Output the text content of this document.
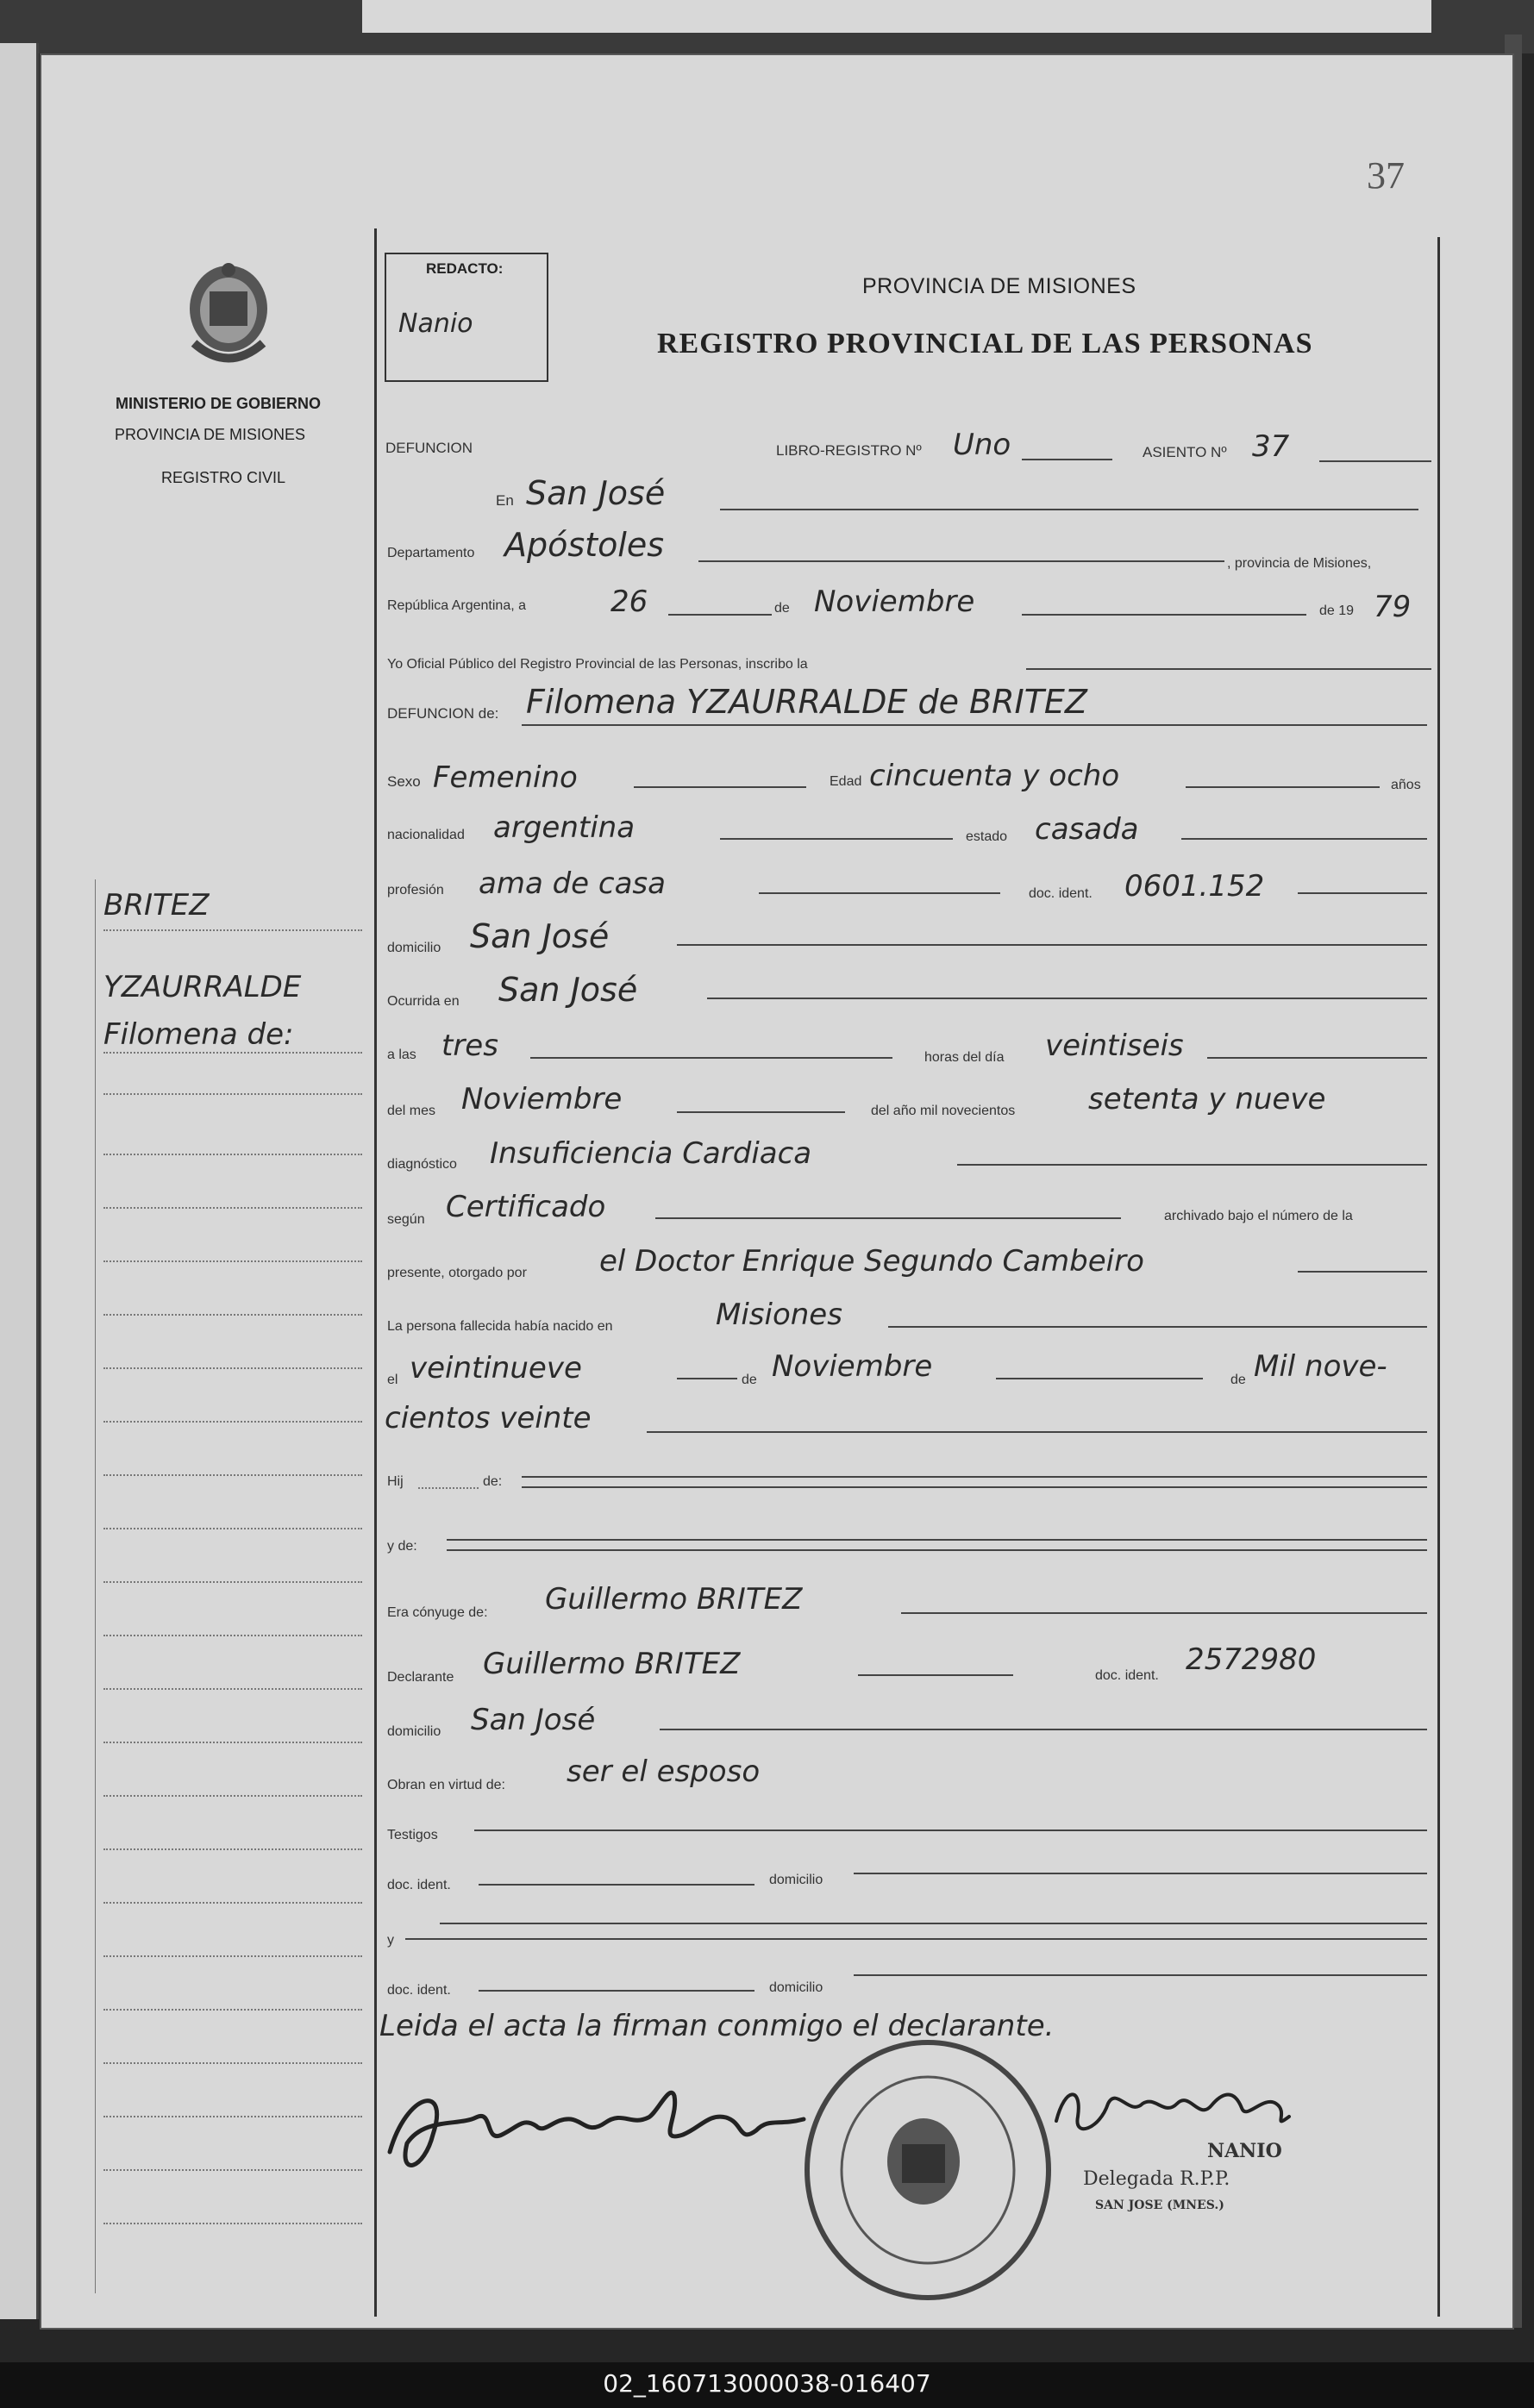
37
MINISTERIO DE GOBIERNO
PROVINCIA DE MISIONES
REGISTRO CIVIL
REDACTO:
Nanio
PROVINCIA DE MISIONES
REGISTRO PROVINCIAL DE LAS PERSONAS
BRITEZ
YZAURRALDE
Filomena de:
DEFUNCION	LIBRO-REGISTRO Nº Uno	ASIENTO Nº 37
En San José
Departamento Apóstoles	, provincia de Misiones,
República Argentina, a	26	de Noviembre	de 19 79
Yo Oficial Público del Registro Provincial de las Personas, inscribo la
DEFUNCION de: Filomena YZAURRALDE de BRITEZ
Sexo Femenino	Edad cincuenta y ocho	años
nacionalidad argentina	estado casada
profesión ama de casa	doc. ident. 0601.152
domicilio San José
Ocurrida en San José
a las tres	horas del día veintiseis
del mes Noviembre	del año mil novecientos setenta y nueve
diagnóstico Insuficiencia Cardiaca
según Certificado	archivado bajo el número de la
presente, otorgado por el Doctor Enrique Segundo Cambeiro
La persona fallecida había nacido en	Misiones
el veintinueve	de Noviembre	de Mil nove-
cientos veinte
Hij	de:
y de:
Era cónyuge de: Guillermo BRITEZ
Declarante Guillermo BRITEZ	doc. ident. 2572980
domicilio San José
Obran en virtud de: ser el esposo
Testigos
doc. ident.	domicilio
y
doc. ident.	domicilio
Leida el acta la firman conmigo el declarante.
NANIO
Delegada R.P.P.
SAN JOSE (MNES.)
02_160713000038-016407
